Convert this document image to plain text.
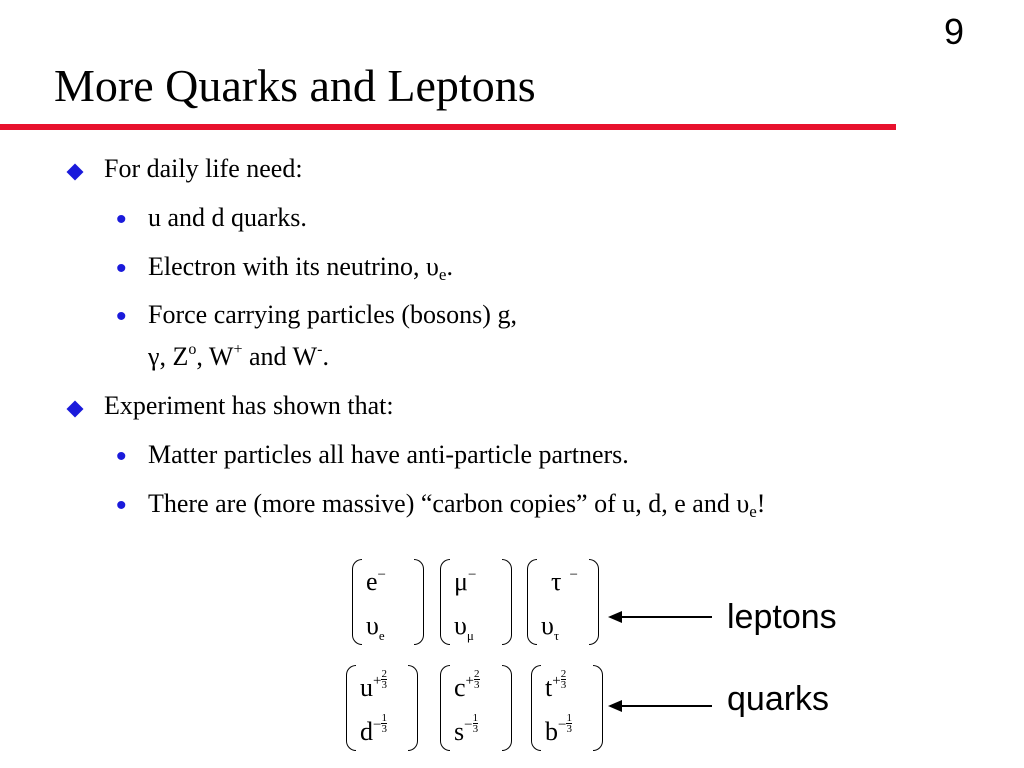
9
More Quarks and Leptons
For daily life need:
• u and d quarks.
• Electron with its neutrino, υe.
• Force carrying particles (bosons) g,
γ, $Z^o$, W+ and W-.
Experiment has shown that:
• Matter particles all have anti-particle partners.
• There are (more massive) “carbon copies” of u, d, e and υe!
e−
$\upsilon_e$
μ−
$\upsilon_\mu$
τ −
$\upsilon_\tau$	leptons
$u^+ \frac{2}{3}$
$d^- \frac{1}{3}$
$c^+ \frac{2}{3}$
$s^- \frac{1}{3}$
$t^+ \frac{2}{3}$
$b^- \frac{1}{3}$
quarks
